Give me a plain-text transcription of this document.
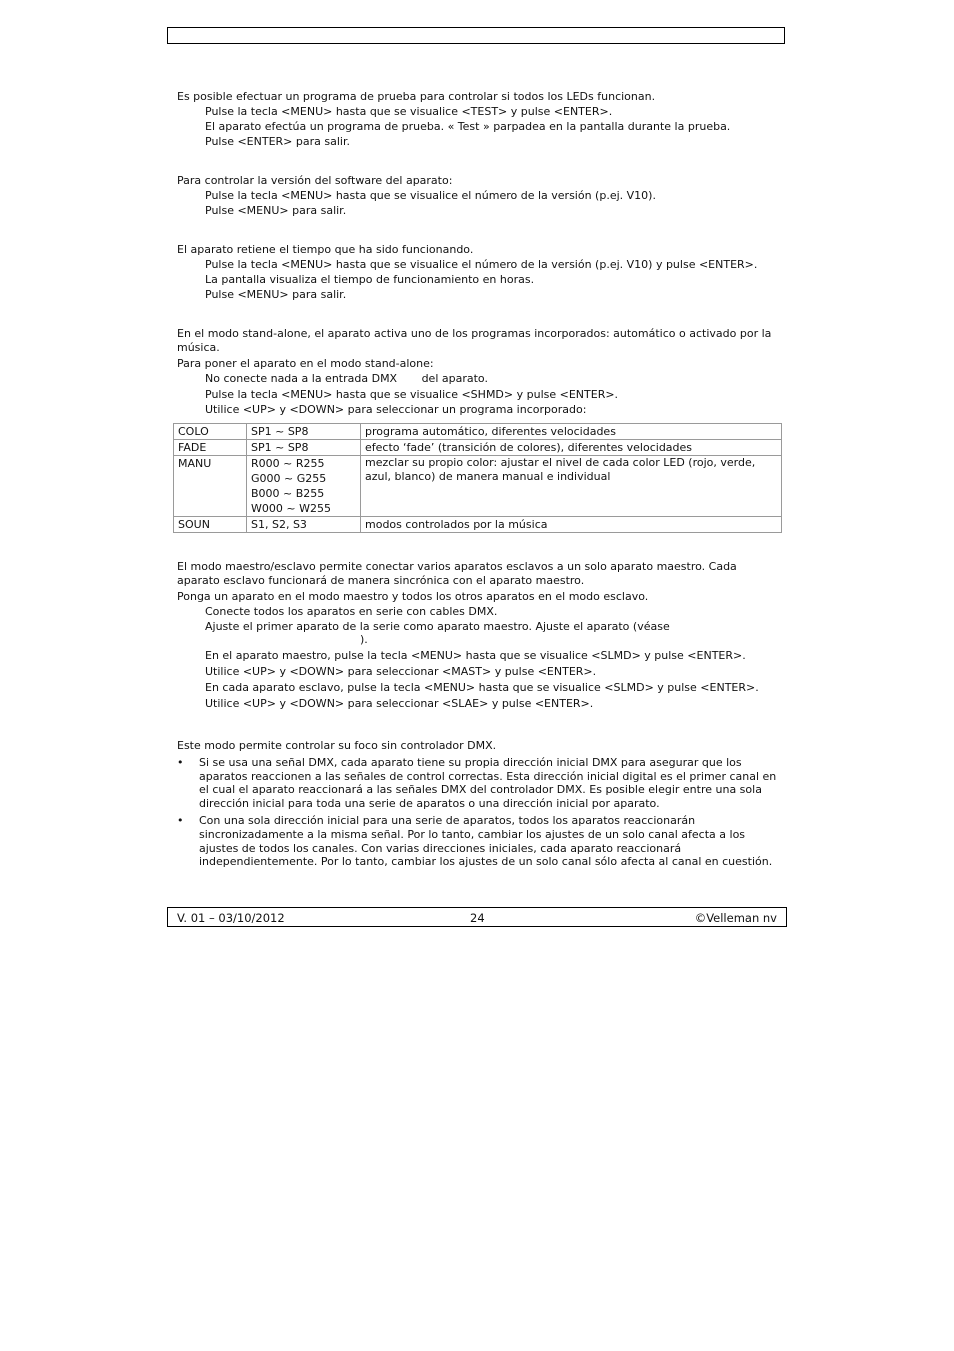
Es posible efectuar un programa de prueba para controlar si todos los LEDs funcionan.

Pulse la tecla <MENU> hasta que se visualice <TEST> y pulse <ENTER>.

El aparato efectúa un programa de prueba. « Test » parpadea en la pantalla durante la prueba.

Pulse <ENTER> para salir.

Para controlar la versión del software del aparato:

Pulse la tecla <MENU> hasta que se visualice el número de la versión (p.ej. V10).

Pulse <MENU> para salir.

El aparato retiene el tiempo que ha sido funcionando.

Pulse la tecla <MENU> hasta que se visualice el número de la versión (p.ej. V10) y pulse <ENTER>.

La pantalla visualiza el tiempo de funcionamiento en horas.

Pulse <MENU> para salir.

En el modo stand-alone, el aparato activa uno de los programas incorporados: automático o activado por la música.

Para poner el aparato en el modo stand-alone:

No conecte nada a la entrada DMX       del aparato.

Pulse la tecla <MENU> hasta que se visualice <SHMD> y pulse <ENTER>.

Utilice <UP> y <DOWN> para seleccionar un programa incorporado:

COLO	SP1 ~ SP8	programa automático, diferentes velocidades
FADE	SP1 ~ SP8	efecto ‘fade’ (transición de colores), diferentes velocidades
MANU	R000 ~ R255
G000 ~ G255
B000 ~ B255
W000 ~ W255	mezclar su propio color: ajustar el nivel de cada color LED (rojo, verde, azul, blanco) de manera manual e individual
SOUN	S1, S2, S3	modos controlados por la música

El modo maestro/esclavo permite conectar varios aparatos esclavos a un solo aparato maestro. Cada aparato esclavo funcionará de manera sincrónica con el aparato maestro.

Ponga un aparato en el modo maestro y todos los otros aparatos en el modo esclavo.

Conecte todos los aparatos en serie con cables DMX.

Ajuste el primer aparato de la serie como aparato maestro. Ajuste el aparato (véase

).

En el aparato maestro, pulse la tecla <MENU> hasta que se visualice <SLMD> y pulse <ENTER>.

Utilice <UP> y <DOWN> para seleccionar <MAST> y pulse <ENTER>.

En cada aparato esclavo, pulse la tecla <MENU> hasta que se visualice <SLMD> y pulse <ENTER>.

Utilice <UP> y <DOWN> para seleccionar <SLAE> y pulse <ENTER>.

Este modo permite controlar su foco sin controlador DMX.

• Si se usa una señal DMX, cada aparato tiene su propia dirección inicial DMX para asegurar que los aparatos reaccionen a las señales de control correctas. Esta dirección inicial digital es el primer canal en el cual el aparato reaccionará a las señales DMX del controlador DMX. Es posible elegir entre una sola dirección inicial para toda una serie de aparatos o una dirección inicial por aparato.
• Con una sola dirección inicial para una serie de aparatos, todos los aparatos reaccionarán sincronizadamente a la misma señal. Por lo tanto, cambiar los ajustes de un solo canal afecta a los ajustes de todos los canales. Con varias direcciones iniciales, cada aparato reaccionará independientemente. Por lo tanto, cambiar los ajustes de un solo canal sólo afecta al canal en cuestión.
V. 01 – 03/10/2012	24	©Velleman nv
